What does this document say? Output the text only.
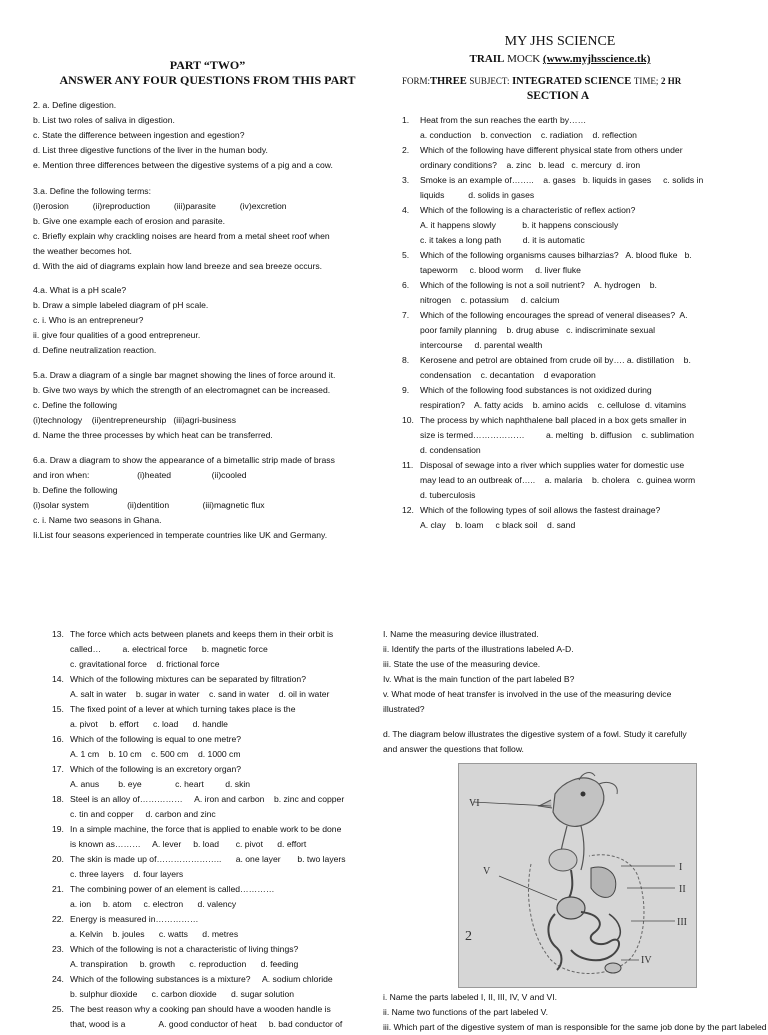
MY JHS SCIENCE
TRAIL MOCK (www.myjhsscience.tk)
FORM:THREE SUBJECT: INTEGRATED SCIENCE TIME; 2 HR
SECTION A
PART “TWO”
ANSWER ANY FOUR QUESTIONS FROM THIS PART
2. a. Define digestion.
b. List two roles of saliva in digestion.
c. State the difference between ingestion and egestion?
d. List three digestive functions of the liver in the human body.
e. Mention three differences between the digestive systems of a pig and a cow.
3.a. Define the following terms:
(i)erosion          (ii)reproduction          (iii)parasite          (iv)excretion
b. Give one example each of erosion and parasite.
c. Briefly explain why crackling noises are heard from a metal sheet roof when
the weather becomes hot.
d. With the aid of diagrams explain how land breeze and sea breeze occurs.
4.a. What is a pH scale?
b. Draw a simple labeled diagram of pH scale.
c. i. Who is an entrepreneur?
ii. give four qualities of a good entrepreneur.
d. Define neutralization reaction.
5.a. Draw a diagram of a single bar magnet showing the lines of force around it.
b. Give two ways by which the strength of an electromagnet can be increased.
c. Define the following
(i)technology    (ii)entrepreneurship   (iii)agri-business
d. Name the three processes by which heat can be transferred.
6.a. Draw a diagram to show the appearance of a bimetallic strip made of brass
and iron when:                    (i)heated                 (ii)cooled
b. Define the following
(i)solar system                (ii)dentition              (iii)magnetic flux
c. i. Name two seasons in Ghana.
Ii.List four seasons experienced in temperate countries like UK and Germany.
1. Heat from the sun reaches the earth by……
a. conduction    b. convection    c. radiation    d. reflection
2. Which of the following have different physical state from others under
ordinary conditions?    a. zinc   b. lead   c. mercury  d. iron
3. Smoke is an example of……..    a. gases   b. liquids in gases     c. solids in
liquids          d. solids in gases
4. Which of the following is a characteristic of reflex action?
A. it happens slowly           b. it happens consciously
c. it takes a long path         d. it is automatic
5. Which of the following organisms causes bilharzias?   A. blood fluke   b.
tapeworm     c. blood worm     d. liver fluke
6. Which of the following is not a soil nutrient?    A. hydrogen    b.
nitrogen    c. potassium     d. calcium
7. Which of the following encourages the spread of veneral diseases?  A.
poor family planning    b. drug abuse   c. indiscriminate sexual
intercourse     d. parental wealth
8. Kerosene and petrol are obtained from crude oil by…. a. distillation    b.
condensation    c. decantation    d evaporation
9. Which of the following food substances is not oxidized during
respiration?    A. fatty acids    b. amino acids    c. cellulose  d. vitamins
10. The process by which naphthalene ball placed in a box gets smaller in
size is termed………………         a. melting   b. diffusion    c. sublimation
d. condensation
11. Disposal of sewage into a river which supplies water for domestic use
may lead to an outbreak of…..    a. malaria    b. cholera   c. guinea worm
d. tuberculosis
12. Which of the following types of soil allows the fastest drainage?
A. clay    b. loam     c black soil    d. sand
13. The force which acts between planets and keeps them in their orbit is
called…         a. electrical force      b. magnetic force
c. gravitational force    d. frictional force
14. Which of the following mixtures can be separated by filtration?
A. salt in water    b. sugar in water    c. sand in water    d. oil in water
15. The fixed point of a lever at which turning takes place is the
a. pivot     b. effort      c. load      d. handle
16. Which of the following is equal to one metre?
A. 1 cm    b. 10 cm    c. 500 cm    d. 1000 cm
17. Which of the following is an excretory organ?
A. anus        b. eye              c. heart         d. skin
18. Steel is an alloy of……………     A. iron and carbon    b. zinc and copper
c. tin and copper     d. carbon and zinc
19. In a simple machine, the force that is applied to enable work to be done
is known as………     A. lever     b. load       c. pivot      d. effort
20. The skin is made up of…………………..      a. one layer       b. two layers
c. three layers    d. four layers
21. The combining power of an element is called…………
a. ion     b. atom     c. electron      d. valency
22. Energy is measured in……………
a. Kelvin    b. joules      c. watts      d. metres
23. Which of the following is not a characteristic of living things?
A. transpiration     b. growth      c. reproduction      d. feeding
24. Which of the following substances is a mixture?     A. sodium chloride
b. sulphur dioxide      c. carbon dioxide      d. sugar solution
25. The best reason why a cooking pan should have a wooden handle is
that, wood is a              A. good conductor of heat     b. bad conductor of
I. Name the measuring device illustrated.
ii. Identify the parts of the illustrations labeled A-D.
iii. State the use of the measuring device.
Iv. What is the main function of the part labeled B?
v. What mode of heat transfer is involved in the use of the measuring device
illustrated?
d. The diagram below illustrates the digestive system of a fowl. Study it carefully
and answer the questions that follow.
VI
V	I
II
III
IV
2
i. Name the parts labeled I, II, III, IV, V and VI.
ii. Name two functions of the part labeled V.
iii. Which part of the digestive system of man is responsible for the same job done by the part labeled
